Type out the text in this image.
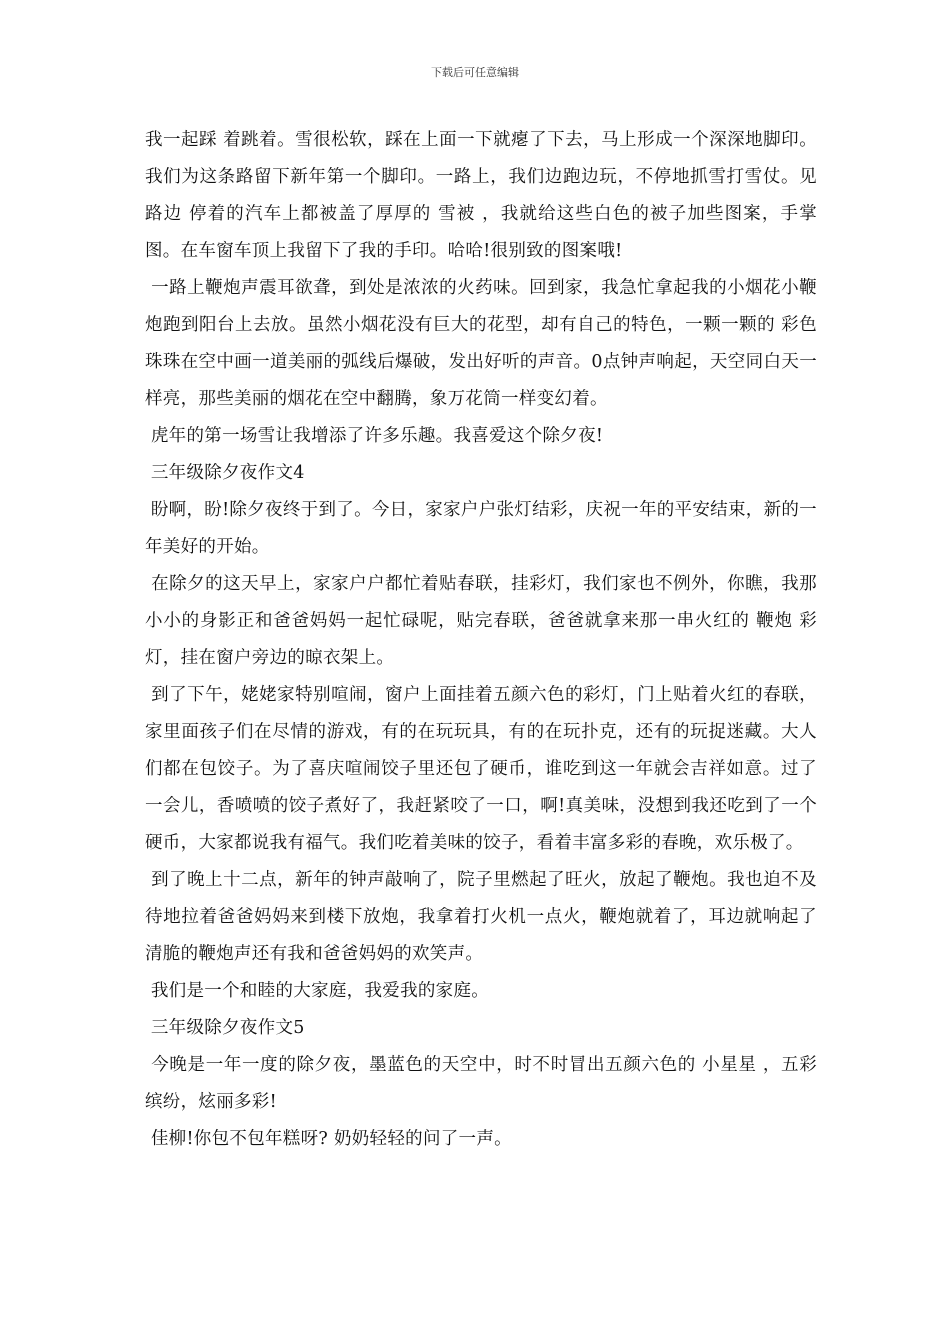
下载后可任意编辑

我一起踩 着跳着。雪很松软，踩在上面一下就瘪了下去，马上形成一个深深地脚印。我们为这条路留下新年第一个脚印。一路上，我们边跑边玩，不停地抓雪打雪仗。见路边 停着的汽车上都被盖了厚厚的 雪被 ，我就给这些白色的被子加些图案，手掌图。在车窗车顶上我留下了我的手印。哈哈!很别致的图案哦!

一路上鞭炮声震耳欲聋，到处是浓浓的火药味。回到家，我急忙拿起我的小烟花小鞭炮跑到阳台上去放。虽然小烟花没有巨大的花型，却有自己的特色，一颗一颗的 彩色珠珠在空中画一道美丽的弧线后爆破，发出好听的声音。0点钟声响起，天空同白天一样亮，那些美丽的烟花在空中翻腾，象万花筒一样变幻着。

虎年的第一场雪让我增添了许多乐趣。我喜爱这个除夕夜!

三年级除夕夜作文4

盼啊，盼!除夕夜终于到了。今日，家家户户张灯结彩，庆祝一年的平安结束，新的一年美好的开始。

在除夕的这天早上，家家户户都忙着贴春联，挂彩灯，我们家也不例外，你瞧，我那小小的身影正和爸爸妈妈一起忙碌呢，贴完春联，爸爸就拿来那一串火红的 鞭炮 彩灯，挂在窗户旁边的晾衣架上。

到了下午，姥姥家特别喧闹，窗户上面挂着五颜六色的彩灯，门上贴着火红的春联，家里面孩子们在尽情的游戏，有的在玩玩具，有的在玩扑克，还有的玩捉迷藏。大人们都在包饺子。为了喜庆喧闹饺子里还包了硬币，谁吃到这一年就会吉祥如意。过了一会儿，香喷喷的饺子煮好了，我赶紧咬了一口，啊!真美味，没想到我还吃到了一个硬币，大家都说我有福气。我们吃着美味的饺子，看着丰富多彩的春晚，欢乐极了。

到了晚上十二点，新年的钟声敲响了，院子里燃起了旺火，放起了鞭炮。我也迫不及待地拉着爸爸妈妈来到楼下放炮，我拿着打火机一点火，鞭炮就着了，耳边就响起了清脆的鞭炮声还有我和爸爸妈妈的欢笑声。

我们是一个和睦的大家庭，我爱我的家庭。

三年级除夕夜作文5

今晚是一年一度的除夕夜，墨蓝色的天空中，时不时冒出五颜六色的 小星星 ，五彩缤纷，炫丽多彩!

佳柳!你包不包年糕呀? 奶奶轻轻的问了一声。
